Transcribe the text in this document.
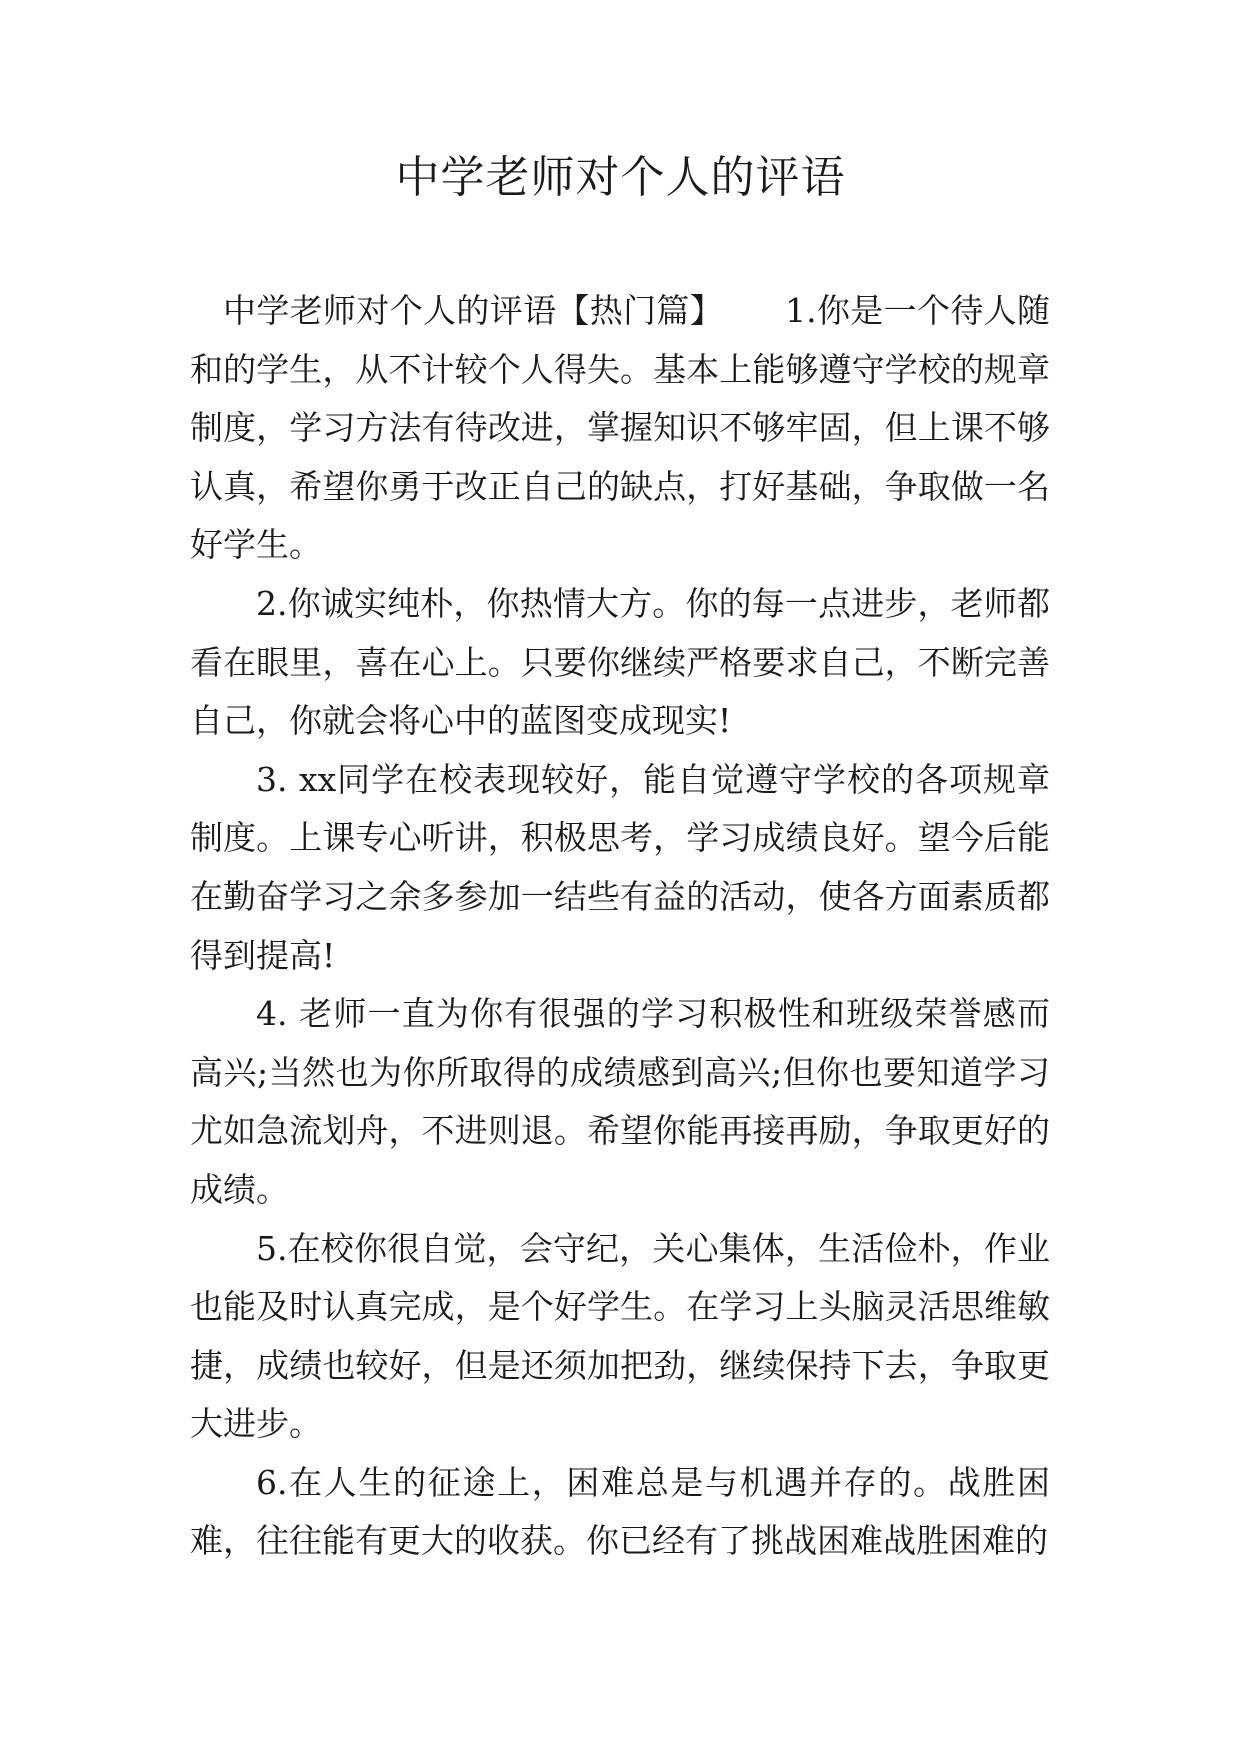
中学老师对个人的评语

中学老师对个人的评语【热门篇】 1.你是一个待人随和的学生，从不计较个人得失。基本上能够遵守学校的规章制度，学习方法有待改进，掌握知识不够牢固，但上课不够认真，希望你勇于改正自己的缺点，打好基础，争取做一名好学生。

2.你诚实纯朴，你热情大方。你的每一点进步，老师都看在眼里，喜在心上。只要你继续严格要求自己，不断完善自己，你就会将心中的蓝图变成现实!

3. xx同学在校表现较好，能自觉遵守学校的各项规章制度。上课专心听讲，积极思考，学习成绩良好。望今后能在勤奋学习之余多参加一结些有益的活动，使各方面素质都得到提高!

4. 老师一直为你有很强的学习积极性和班级荣誉感而高兴;当然也为你所取得的成绩感到高兴;但你也要知道学习尤如急流划舟，不进则退。希望你能再接再励，争取更好的成绩。

5.在校你很自觉，会守纪，关心集体，生活俭朴，作业也能及时认真完成，是个好学生。在学习上头脑灵活思维敏捷，成绩也较好，但是还须加把劲，继续保持下去，争取更大进步。

6.在人生的征途上，困难总是与机遇并存的。战胜困难，往往能有更大的收获。你已经有了挑战困难战胜困难的
